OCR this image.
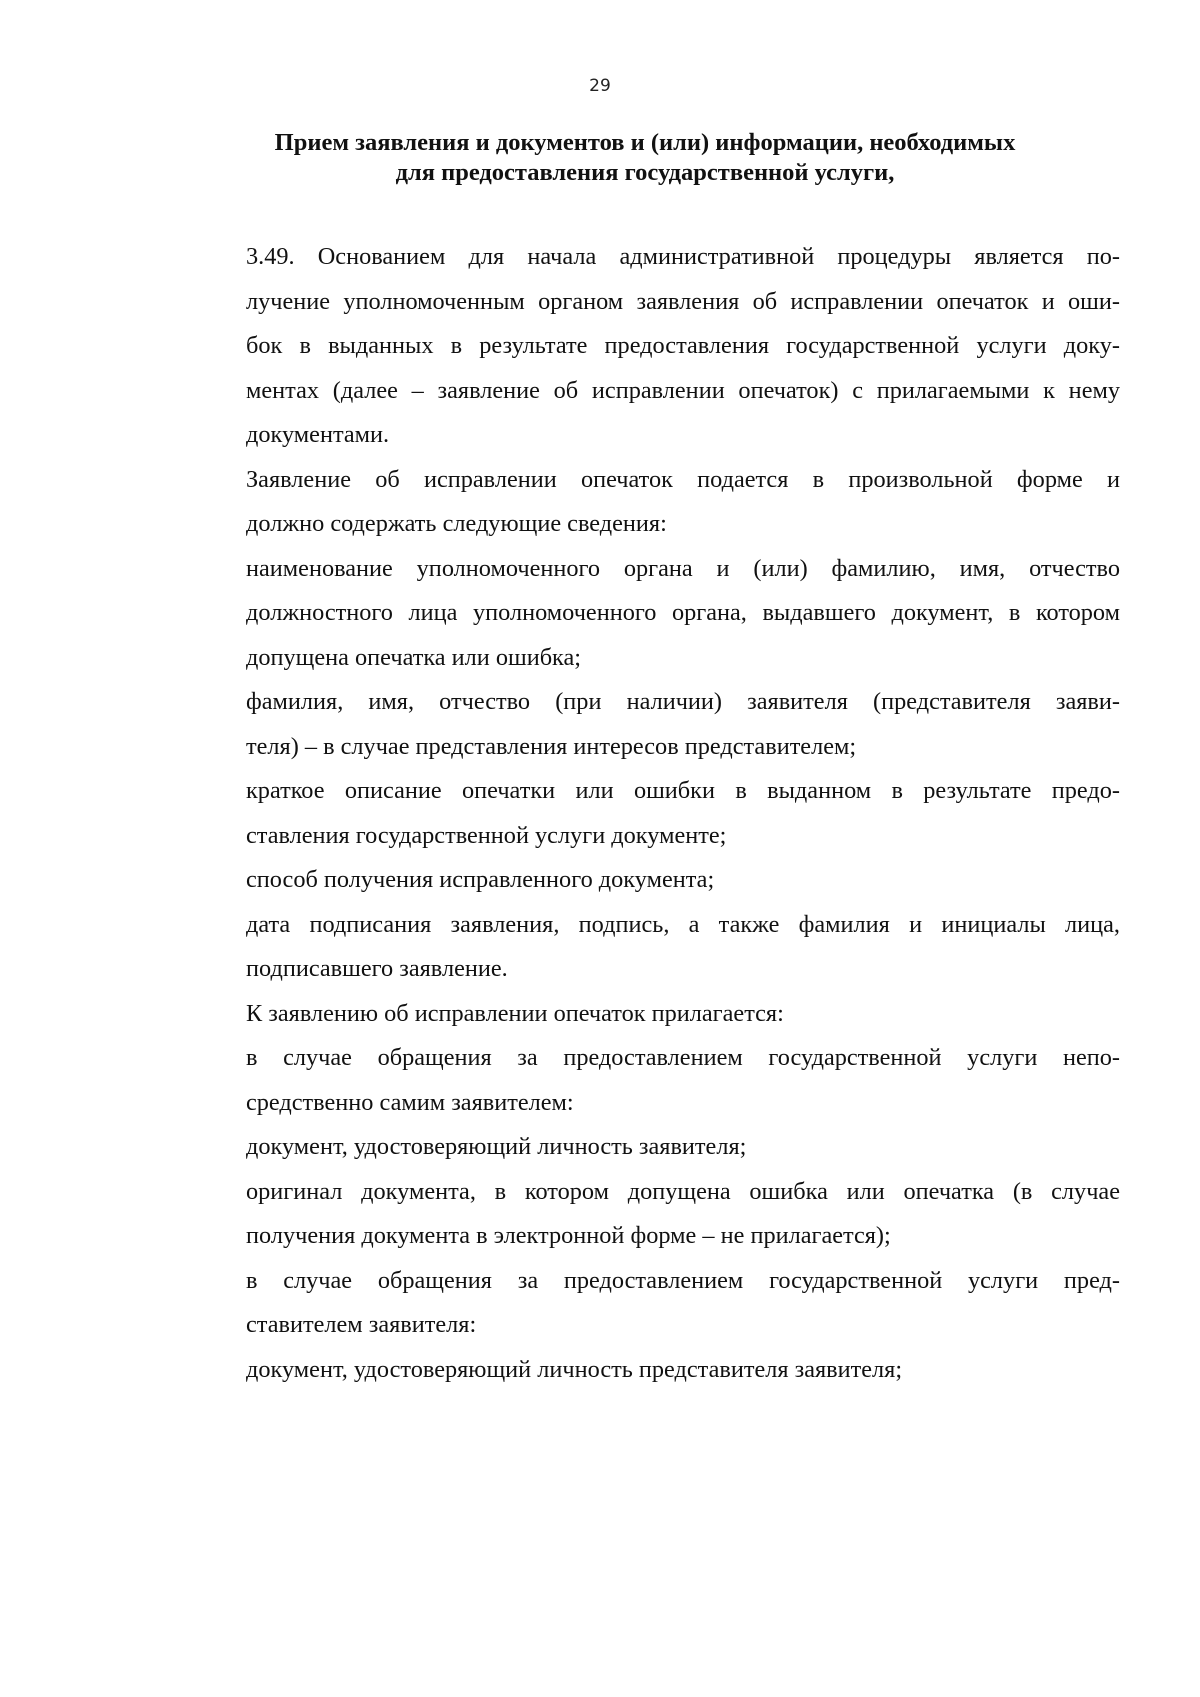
29
Прием заявления и документов и (или) информации, необходимых
для предоставления государственной услуги,

3.49. Основанием для начала административной процедуры является по-
лучение уполномоченным органом заявления об исправлении опечаток и оши-
бок в выданных в результате предоставления государственной услуги доку-
ментах (далее – заявление об исправлении опечаток) с прилагаемыми к нему
документами.

Заявление об исправлении опечаток подается в произвольной форме и
должно содержать следующие сведения:

наименование уполномоченного органа и (или) фамилию, имя, отчество
должностного лица уполномоченного органа, выдавшего документ, в котором
допущена опечатка или ошибка;

фамилия, имя, отчество (при наличии) заявителя (представителя заяви-
теля) – в случае представления интересов представителем;

краткое описание опечатки или ошибки в выданном в результате предо-
ставления государственной услуги документе;

способ получения исправленного документа;

дата подписания заявления, подпись, а также фамилия и инициалы лица,
подписавшего заявление.

К заявлению об исправлении опечаток прилагается:

в случае обращения за предоставлением государственной услуги непо-
средственно самим заявителем:

документ, удостоверяющий личность заявителя;

оригинал документа, в котором допущена ошибка или опечатка (в случае
получения документа в электронной форме – не прилагается);

в случае обращения за предоставлением государственной услуги пред-
ставителем заявителя:

документ, удостоверяющий личность представителя заявителя;
